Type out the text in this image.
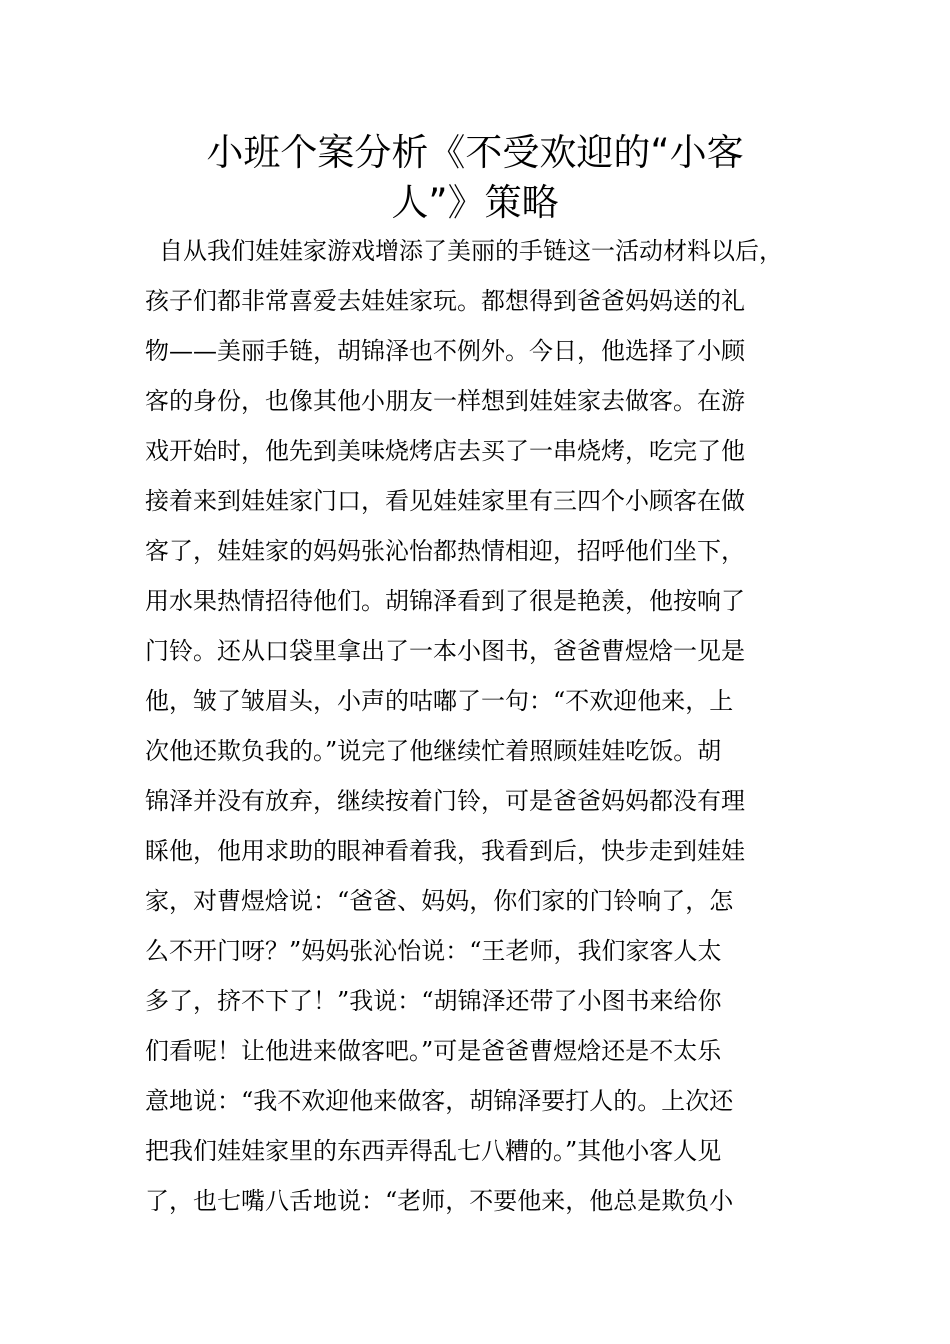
小班个案分析《不受欢迎的“小客
人”》策略
自从我们娃娃家游戏增添了美丽的手链这一活动材料以后，
孩子们都非常喜爱去娃娃家玩。都想得到爸爸妈妈送的礼
物——美丽手链，胡锦泽也不例外。今日，他选择了小顾
客的身份，也像其他小朋友一样想到娃娃家去做客。在游
戏开始时，他先到美味烧烤店去买了一串烧烤，吃完了他
接着来到娃娃家门口，看见娃娃家里有三四个小顾客在做
客了，娃娃家的妈妈张沁怡都热情相迎，招呼他们坐下，
用水果热情招待他们。胡锦泽看到了很是艳羡，他按响了
门铃。还从口袋里拿出了一本小图书，爸爸曹煜焓一见是
他，皱了皱眉头，小声的咕嘟了一句：“不欢迎他来，上
次他还欺负我的。”说完了他继续忙着照顾娃娃吃饭。胡
锦泽并没有放弃，继续按着门铃，可是爸爸妈妈都没有理
睬他，他用求助的眼神看着我，我看到后，快步走到娃娃
家，对曹煜焓说：“爸爸、妈妈，你们家的门铃响了，怎
么不开门呀？”妈妈张沁怡说：“王老师，我们家客人太
多了，挤不下了！”我说：“胡锦泽还带了小图书来给你
们看呢！让他进来做客吧。”可是爸爸曹煜焓还是不太乐
意地说：“我不欢迎他来做客，胡锦泽要打人的。上次还
把我们娃娃家里的东西弄得乱七八糟的。”其他小客人见
了，也七嘴八舌地说：“老师，不要他来，他总是欺负小
